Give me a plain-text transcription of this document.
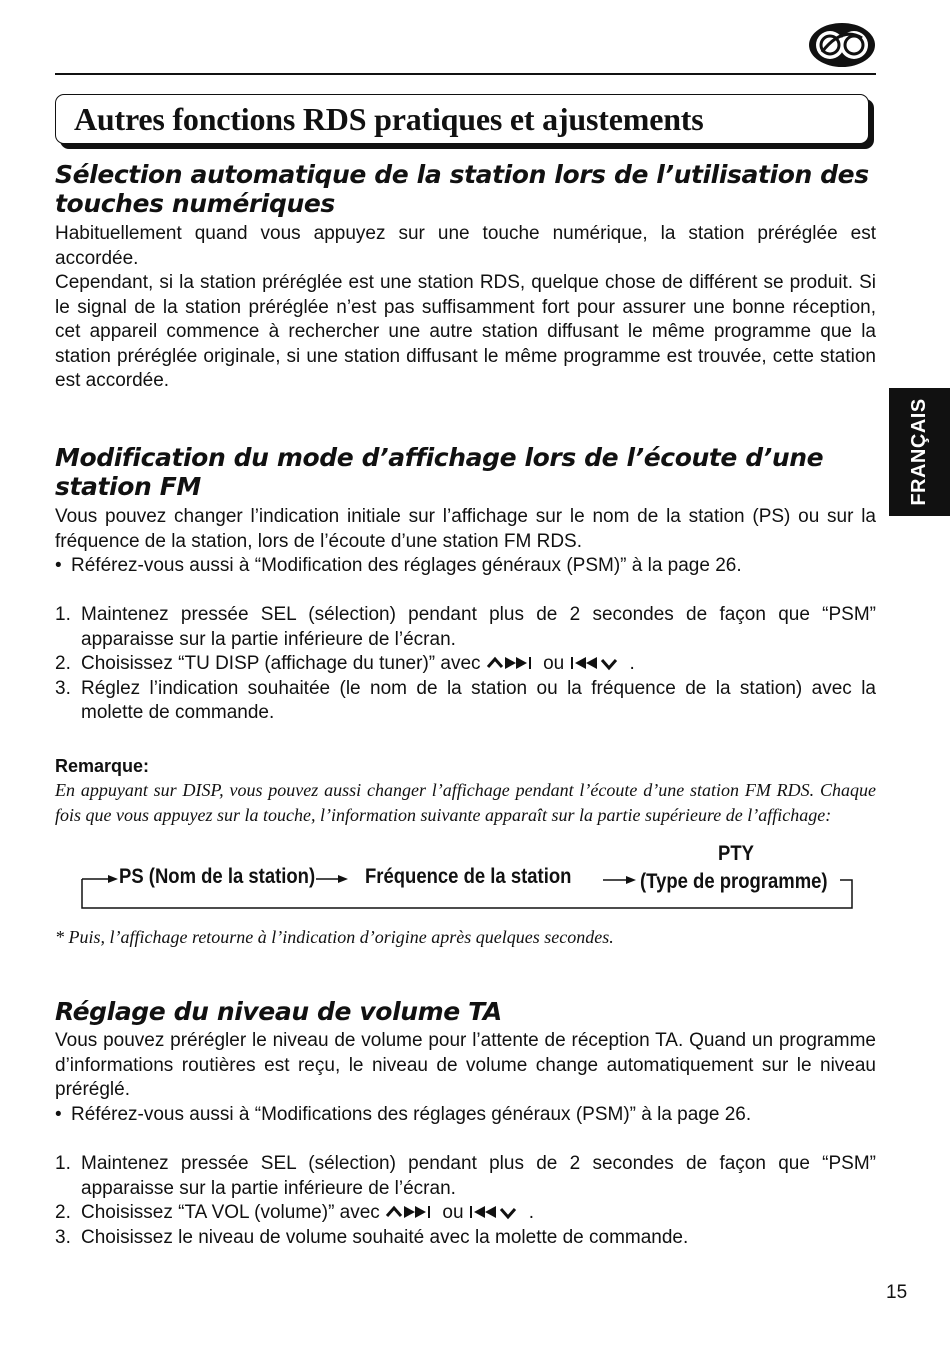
Autres fonctions RDS pratiques et ajustements
Sélection automatique de la station lors de l’utilisation des touches numériques

Habituellement quand vous appuyez sur une touche numérique, la station préréglée est accordée.

Cependant, si la station préréglée est une station RDS, quelque chose de différent se produit. Si le signal de la station préréglée n’est pas suffisamment fort pour assurer une bonne réception, cet appareil commence à rechercher une autre station diffusant le même programme que la station préréglée originale, si une station diffusant le même programme est trouvée, cette station est accordée.

FRANÇAIS
Modification du mode d’affichage lors de l’écoute d’une station FM

Vous pouvez changer l’indication initiale sur l’affichage sur le nom de la station (PS) ou sur la fréquence de la station, lors de l’écoute d’une station FM RDS.

• Référez-vous aussi à “Modification des réglages généraux (PSM)” à la page 26.
1. Maintenez pressée SEL (sélection) pendant plus de 2 secondes de façon que “PSM” apparaisse sur la partie inférieure de l’écran.
2. Choisissez “TU DISP (affichage du tuner)” avec	ou	.
3. Réglez l’indication souhaitée (le nom de la station ou la fréquence de la station) avec la molette de commande.
Remarque:

En appuyant sur DISP, vous pouvez aussi changer l’affichage pendant l’écoute d’une station FM RDS. Chaque fois que vous appuyez sur la touche, l’information suivante apparaît sur la partie supérieure de l’affichage:

PS (Nom de la station) Fréquence de la station
PTY
(Type de programme)

* Puis, l’affichage retourne à l’indication d’origine après quelques secondes.

Réglage du niveau de volume TA

Vous pouvez prérégler le niveau de volume pour l’attente de réception TA. Quand un programme d’informations routières est reçu, le niveau de volume change automatiquement sur le niveau préréglé.

• Référez-vous aussi à “Modifications des réglages généraux (PSM)” à la page 26.
1. Maintenez pressée SEL (sélection) pendant plus de 2 secondes de façon que “PSM” apparaisse sur la partie inférieure de l’écran.
2. Choisissez “TA VOL (volume)” avec	ou	.
3. Choisissez le niveau de volume souhaité avec la molette de commande.
15
